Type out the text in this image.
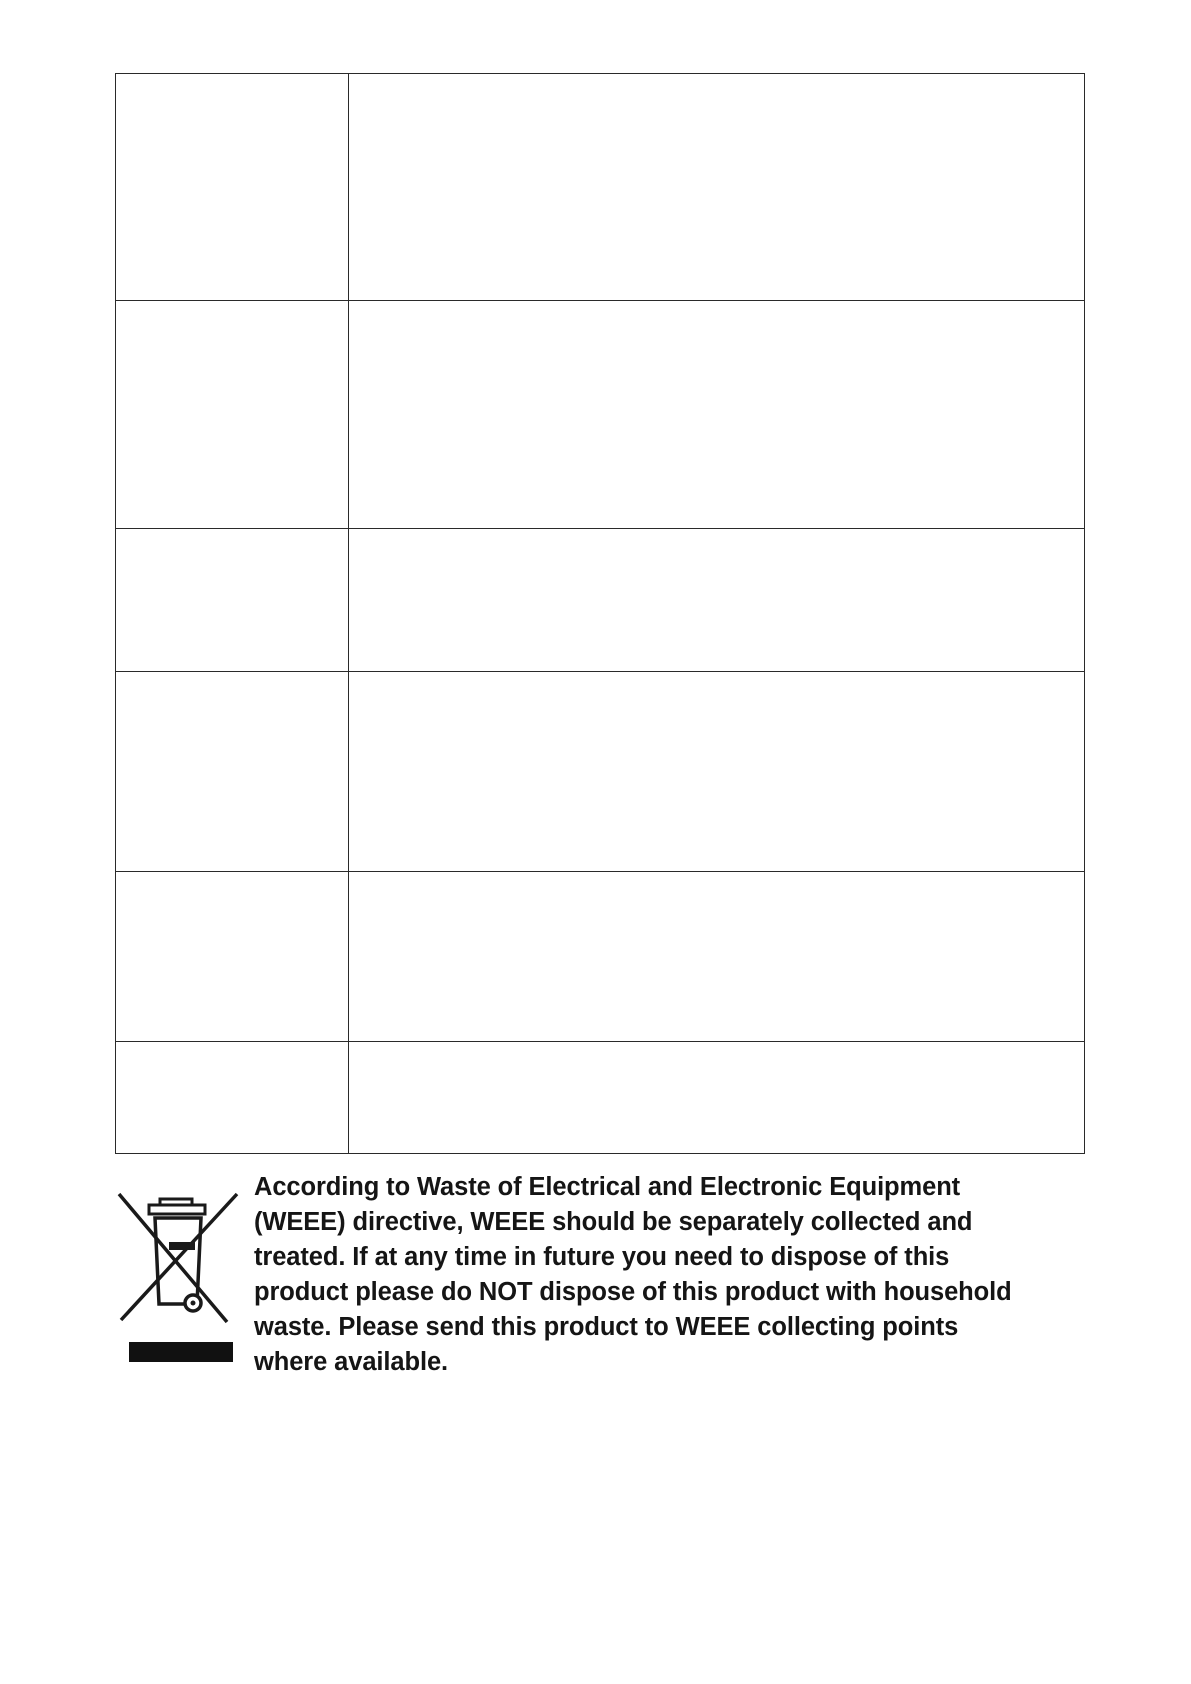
According to Waste of Electrical and Electronic Equipment
(WEEE) directive, WEEE should be separately collected and
treated. If at any time in future you need to dispose of this
product please do NOT dispose of this product with household
waste. Please send this product to WEEE collecting points
where available.
